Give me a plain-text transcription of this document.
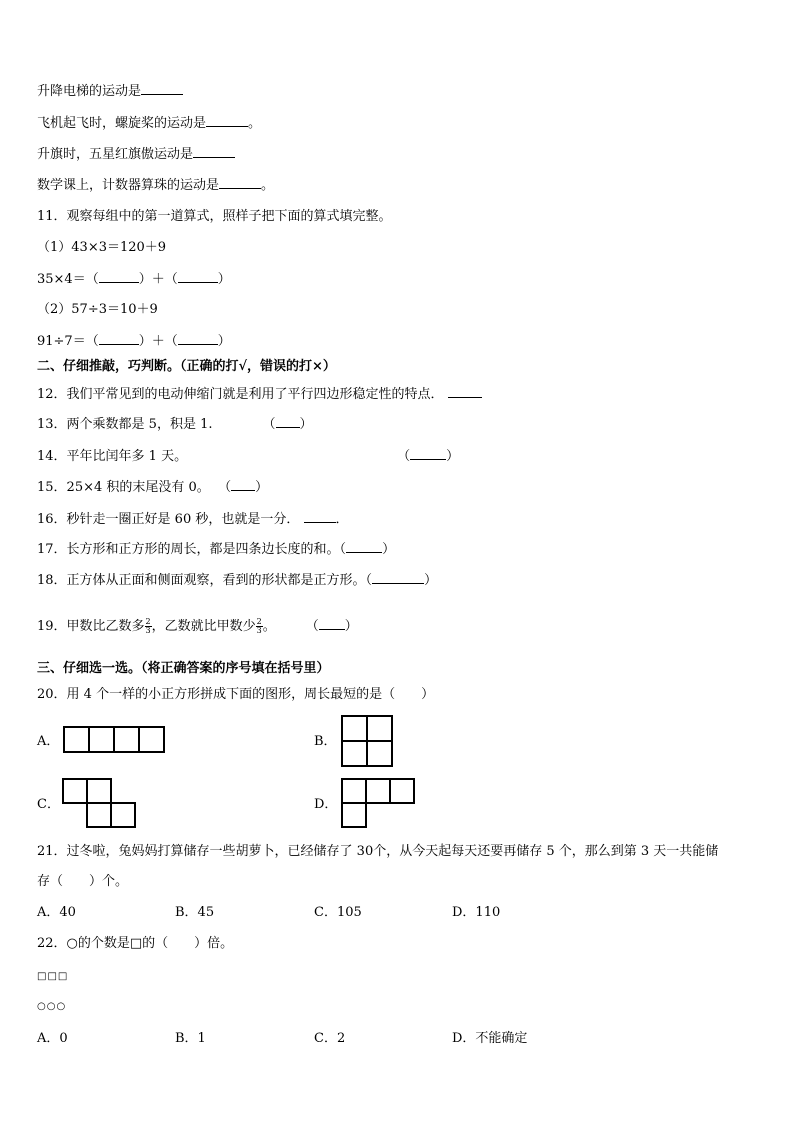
升降电梯的运动是
飞机起飞时，螺旋桨的运动是	。
升旗时，五星红旗傲运动是
数学课上，计数器算珠的运动是	。
11．观察每组中的第一道算式，照样子把下面的算式填完整。
（1）43×3＝120＋9
35×4＝（	）＋（	）
（2）57÷3＝10＋9
91÷7＝（	）＋（	）
二、仔细推敲，巧判断。（正确的打√，错误的打×）
12．我们平常见到的电动伸缩门就是利用了平行四边形稳定性的特点．
13．两个乘数都是 5，积是 1.	（ ）
14．平年比闰年多 1 天。	（	）
15．25×4 积的末尾没有 0。 （ ）
16．秒针走一圈正好是 60 秒，也就是一分．	．
17．长方形和正方形的周长，都是四条边长度的和。（	）
18．正方体从正面和侧面观察，看到的形状都是正方形。（	）
19．甲数比乙数多 $\frac{2}{3}$ ，乙数就比甲数少 $\frac{2}{3}$ 。 （ ）
三、仔细选一选。（将正确答案的序号填在括号里）
20．用 4 个一样的小正方形拼成下面的图形，周长最短的是（　　）
A．	B．
C．	D．
21．过冬啦，兔妈妈打算储存一些胡萝卜，已经储存了 30个，从今天起每天还要再储存 5 个，那么到第 3 天一共能储
存（　　）个。
A．40	B．45	C．105	D．110
22．○的个数是□的（　　）倍。
□□□
○○○
A．0	B．1	C．2	D．不能确定
